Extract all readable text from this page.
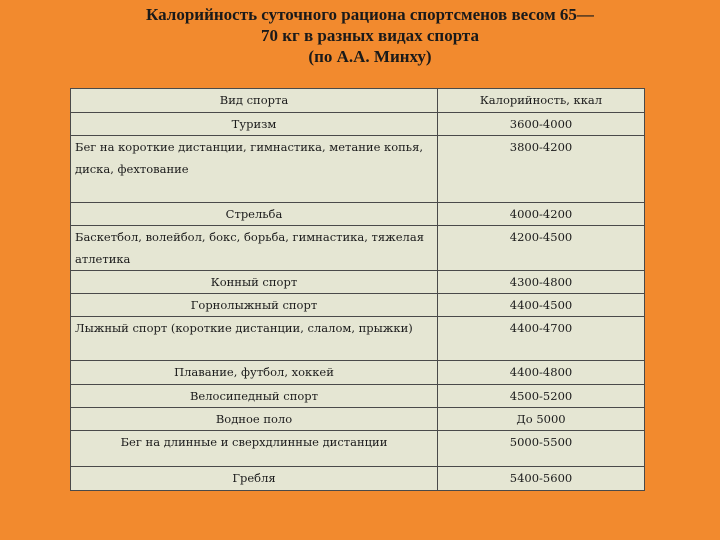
Калорийность суточного рациона спортсменов весом 65—
70 кг в разных видах спорта
(по А.А. Минху)
Вид спорта	Калорийность, ккал
Туризм	3600-4000
Бег на короткие дистанции, гимнастика, метание копья, диска, фехтование	3800-4200
Стрельба	4000-4200
Баскетбол, волейбол, бокс, борьба, гимнастика, тяжелая атлетика	4200-4500
Конный спорт	4300-4800
Горнолыжный спорт	4400-4500
Лыжный спорт (короткие дистанции, слалом, прыжки)	4400-4700
Плавание, футбол, хоккей	4400-4800
Велосипедный спорт	4500-5200
Водное поло	До 5000
Бег на длинные и сверхдлинные дистанции	5000-5500
Гребля	5400-5600
